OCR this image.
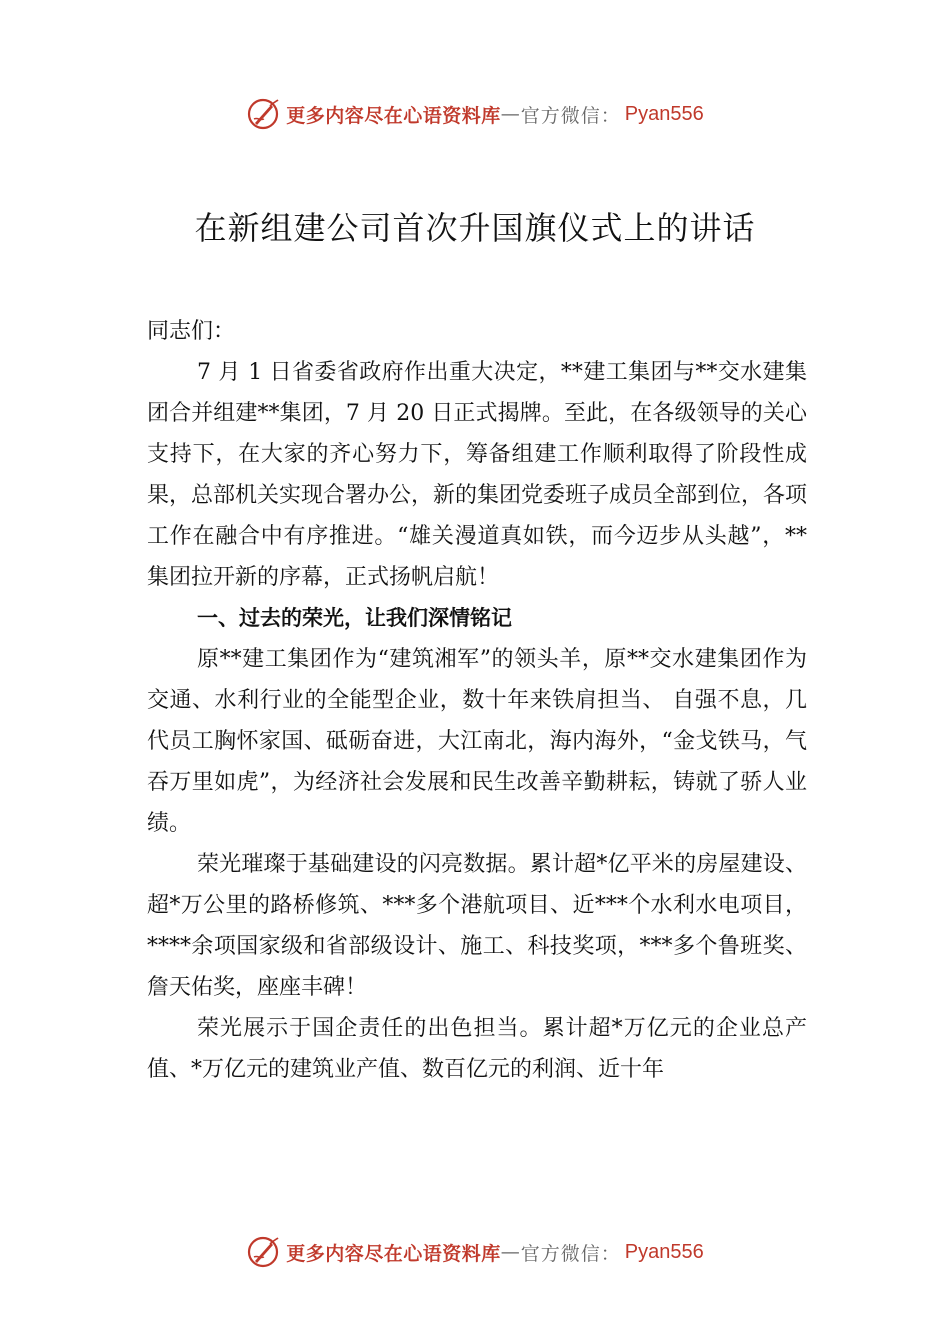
更多内容尽在心语资料库 — 官方微信： Pyan556
在新组建公司首次升国旗仪式上的讲话

同志们：

7 月 1 日省委省政府作出重大决定，**建工集团与**交水建集团合并组建**集团，7 月 20 日正式揭牌。至此，在各级领导的关心支持下，在大家的齐心努力下，筹备组建工作顺利取得了阶段性成果，总部机关实现合署办公，新的集团党委班子成员全部到位，各项工作在融合中有序推进。“雄关漫道真如铁，而今迈步从头越”，**集团拉开新的序幕，正式扬帆启航！

一、过去的荣光，让我们深情铭记

原**建工集团作为“建筑湘军”的领头羊，原**交水建集团作为交通、水利行业的全能型企业，数十年来铁肩担当、 自强不息，几代员工胸怀家国、砥砺奋进，大江南北，海内海外，“金戈铁马，气吞万里如虎”，为经济社会发展和民生改善辛勤耕耘，铸就了骄人业绩。

荣光璀璨于基础建设的闪亮数据。累计超*亿平米的房屋建设、超*万公里的路桥修筑、***多个港航项目、近***个水利水电项目，****余项国家级和省部级设计、施工、科技奖项，***多个鲁班奖、詹天佑奖，座座丰碑！

荣光展示于国企责任的出色担当。累计超*万亿元的企业总产值、*万亿元的建筑业产值、数百亿元的利润、近十年

更多内容尽在心语资料库 — 官方微信： Pyan556
